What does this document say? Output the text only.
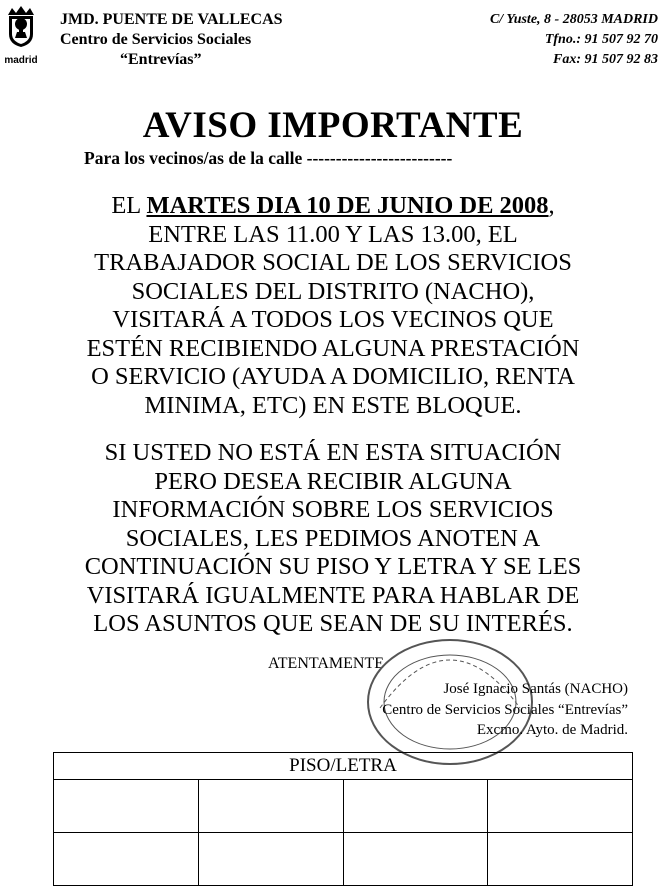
madrid
JMD. PUENTE DE VALLECAS
Centro de Servicios Sociales
“Entrevías”
C/ Yuste, 8 - 28053 MADRID
Tfno.: 91 507 92 70
Fax: 91 507 92 83
AVISO IMPORTANTE
Para los vecinos/as de la calle -------------------------
EL MARTES DIA 10 DE JUNIO DE 2008,
ENTRE LAS 11.00 Y LAS 13.00, EL
TRABAJADOR SOCIAL DE LOS SERVICIOS
SOCIALES DEL DISTRITO (NACHO),
VISITARÁ A TODOS LOS VECINOS QUE
ESTÉN RECIBIENDO ALGUNA PRESTACIÓN
O SERVICIO (AYUDA A DOMICILIO, RENTA
MINIMA, ETC) EN ESTE BLOQUE.
SI USTED NO ESTÁ EN ESTA SITUACIÓN
PERO DESEA RECIBIR ALGUNA
INFORMACIÓN SOBRE LOS SERVICIOS
SOCIALES, LES PEDIMOS ANOTEN A
CONTINUACIÓN SU PISO Y LETRA Y SE LES
VISITARÁ IGUALMENTE PARA HABLAR DE
LOS ASUNTOS QUE SEAN DE SU INTERÉS.
ATENTAMENTE
José Ignacio Santás (NACHO)
Centro de Servicios Sociales “Entrevías”
Excmo. Ayto. de Madrid.
PISO/LETRA			
